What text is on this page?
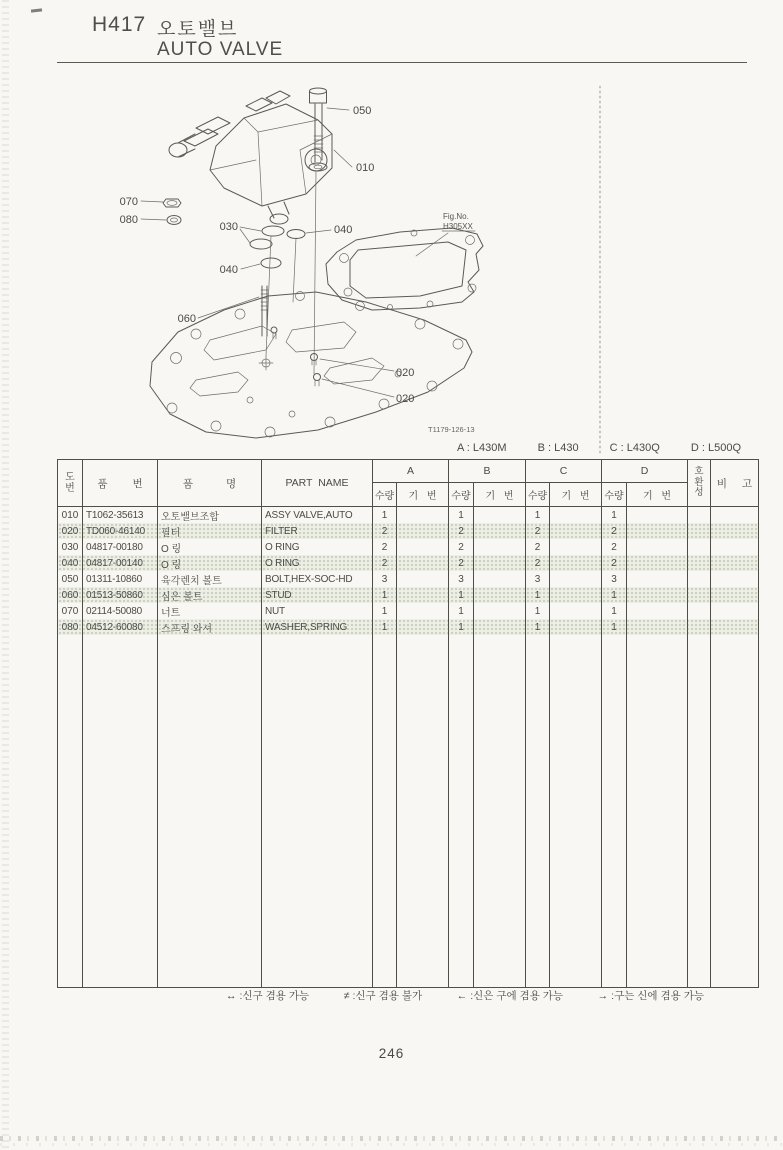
H417 오토밸브
AUTO VALVE
050
010
070
080
030	040
040
060
020
020
Fig.No.
H305XX
T1179-126-13
A : L430M	B : L430	C : L430Q	D : L500Q
도번	품 번	품 명	PART NAME
A
수량	기 번
B
수량	기 번
C
수량	기 번
D
수량	기 번
호환성
비 고
010 T1062-35613	오토밸브조합	ASSY VALVE,AUTO	1	1	1	1
020 TD060-46140	필터	FILTER	2	2	2	2
030 04817-00180	O 링	O RING	2	2	2	2
040 04817-00140	O 링	O RING	2	2	2	2
050 01311-10860	육각렌치 볼트	BOLT,HEX-SOC-HD	3	3	3	3
060 01513-50860	심은 볼트	STUD	1	1	1	1
070 02114-50080	너트	NUT	1	1	1	1
080 04512-60080	스프링 와셔	WASHER,SPRING	1	1	1	1
↔ :신구 겸용 가능	≠ :신구 겸용 불가	← :신은 구에 겸용 가능	→ :구는 신에 겸용 가능
246
